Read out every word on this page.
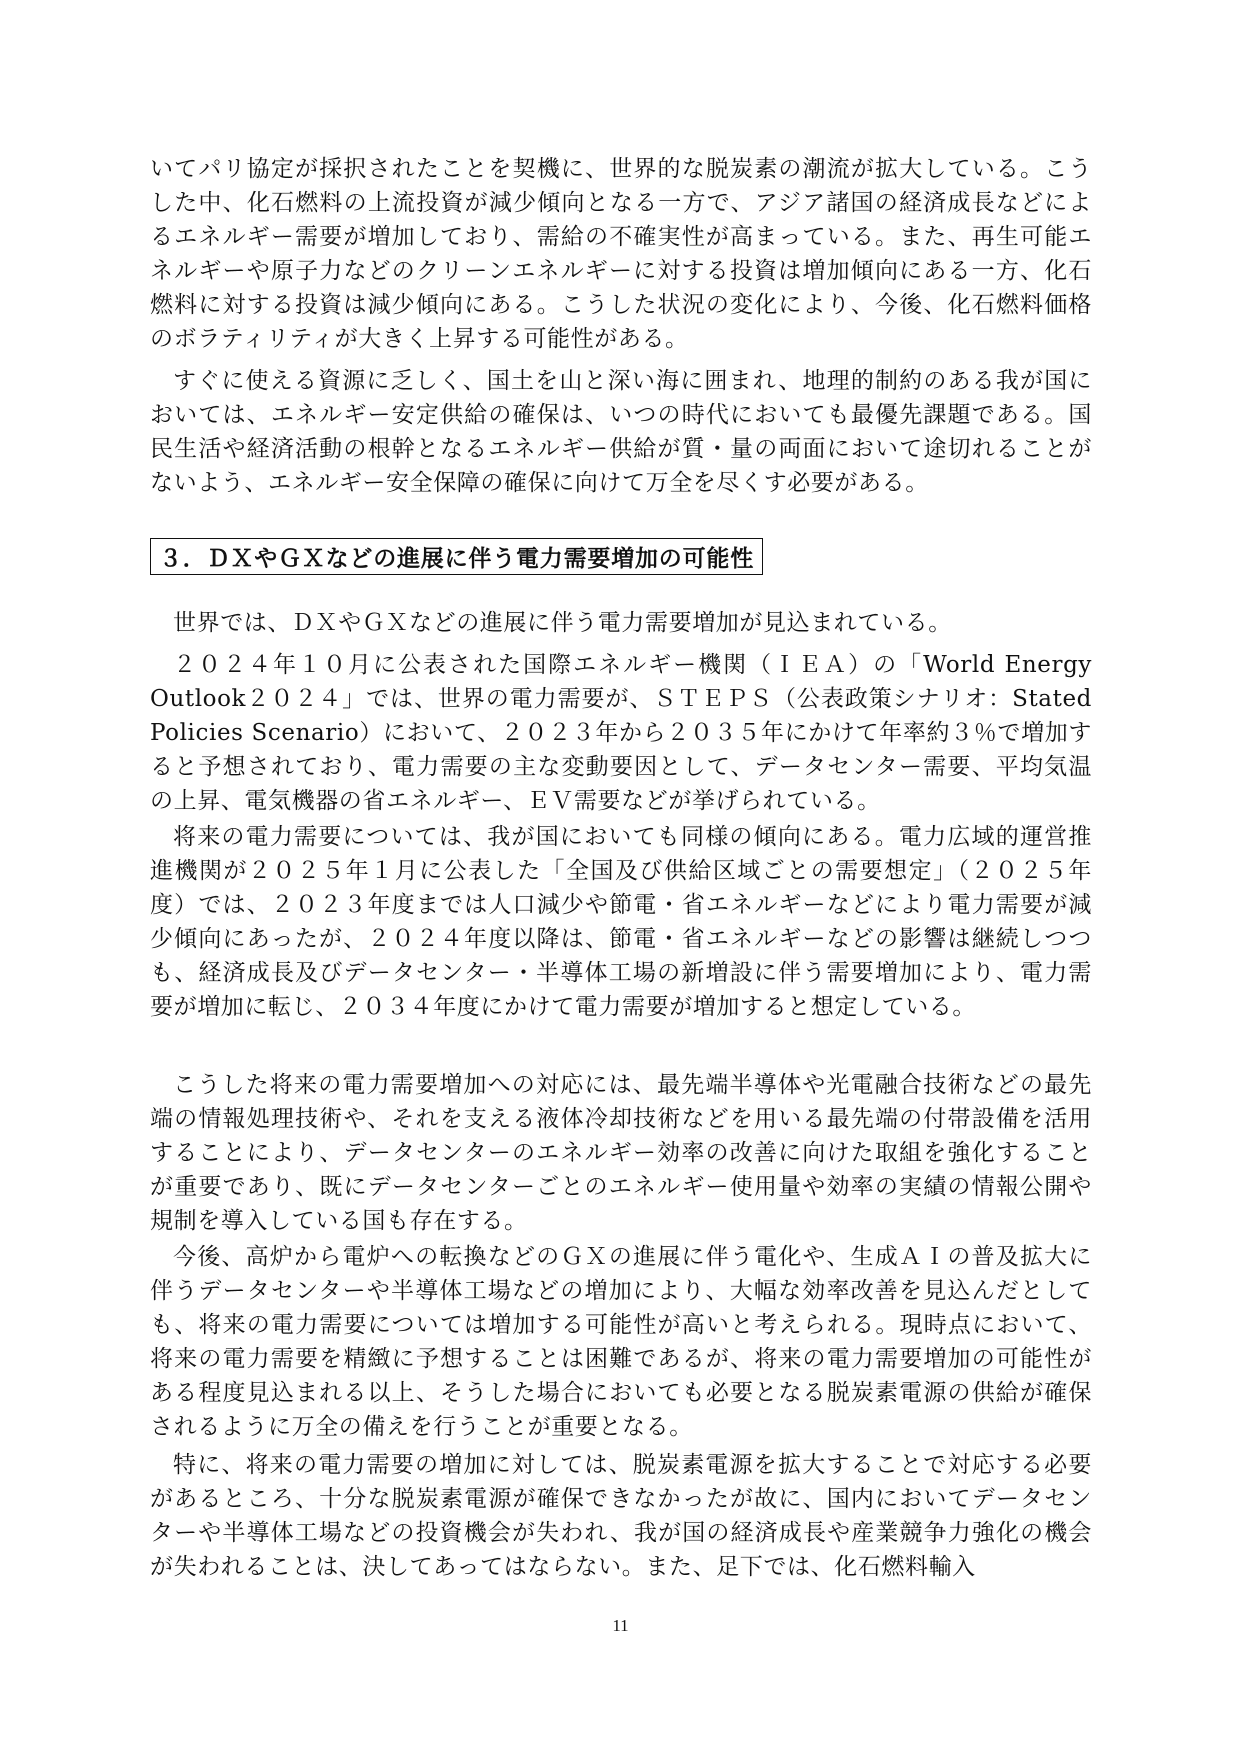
いてパリ協定が採択されたことを契機に、世界的な脱炭素の潮流が拡大している。こうした中、化石燃料の上流投資が減少傾向となる一方で、アジア諸国の経済成長などによるエネルギー需要が増加しており、需給の不確実性が高まっている。また、再生可能エネルギーや原子力などのクリーンエネルギーに対する投資は増加傾向にある一方、化石燃料に対する投資は減少傾向にある。こうした状況の変化により、今後、化石燃料価格のボラティリティが大きく上昇する可能性がある。

すぐに使える資源に乏しく、国土を山と深い海に囲まれ、地理的制約のある我が国においては、エネルギー安定供給の確保は、いつの時代においても最優先課題である。国民生活や経済活動の根幹となるエネルギー供給が質・量の両面において途切れることがないよう、エネルギー安全保障の確保に向けて万全を尽くす必要がある。

３．ＤＸやＧＸなどの進展に伴う電力需要増加の可能性

世界では、ＤＸやＧＸなどの進展に伴う電力需要増加が見込まれている。

２０２４年１０月に公表された国際エネルギー機関（ＩＥＡ）の「World Energy Outlook２０２４」では、世界の電力需要が、ＳＴＥＰＳ（公表政策シナリオ：Stated Policies Scenario）において、２０２３年から２０３５年にかけて年率約３％で増加すると予想されており、電力需要の主な変動要因として、データセンター需要、平均気温の上昇、電気機器の省エネルギー、ＥＶ需要などが挙げられている。

将来の電力需要については、我が国においても同様の傾向にある。電力広域的運営推進機関が２０２５年１月に公表した「全国及び供給区域ごとの需要想定」（２０２５年度）では、２０２３年度までは人口減少や節電・省エネルギーなどにより電力需要が減少傾向にあったが、２０２４年度以降は、節電・省エネルギーなどの影響は継続しつつも、経済成長及びデータセンター・半導体工場の新増設に伴う需要増加により、電力需要が増加に転じ、２０３４年度にかけて電力需要が増加すると想定している。

こうした将来の電力需要増加への対応には、最先端半導体や光電融合技術などの最先端の情報処理技術や、それを支える液体冷却技術などを用いる最先端の付帯設備を活用することにより、データセンターのエネルギー効率の改善に向けた取組を強化することが重要であり、既にデータセンターごとのエネルギー使用量や効率の実績の情報公開や規制を導入している国も存在する。

今後、高炉から電炉への転換などのＧＸの進展に伴う電化や、生成ＡＩの普及拡大に伴うデータセンターや半導体工場などの増加により、大幅な効率改善を見込んだとしても、将来の電力需要については増加する可能性が高いと考えられる。現時点において、将来の電力需要を精緻に予想することは困難であるが、将来の電力需要増加の可能性がある程度見込まれる以上、そうした場合においても必要となる脱炭素電源の供給が確保されるように万全の備えを行うことが重要となる。

特に、将来の電力需要の増加に対しては、脱炭素電源を拡大することで対応する必要があるところ、十分な脱炭素電源が確保できなかったが故に、国内においてデータセンターや半導体工場などの投資機会が失われ、我が国の経済成長や産業競争力強化の機会が失われることは、決してあってはならない。また、足下では、化石燃料輸入

11
